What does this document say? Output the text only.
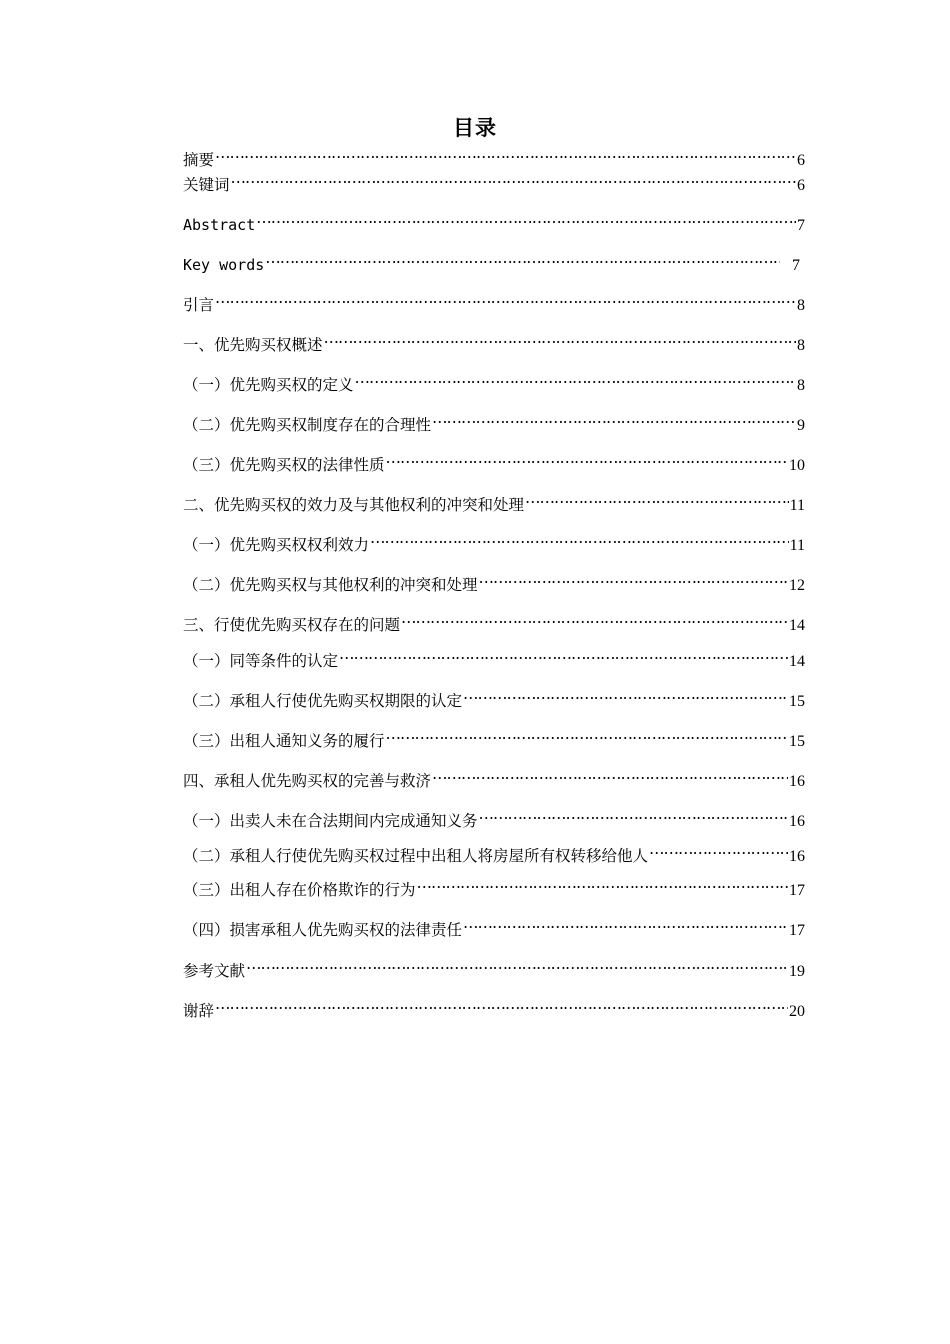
目录
摘要 …………………………………………………………………………………………………………………………………………………………………………………………………	6
关键词 …………………………………………………………………………………………………………………………………………………………………………………………………	6
Abstract …………………………………………………………………………………………………………………………………………………………………………………………………	7
Key words …………………………………………………………………………………………………………………………………………………………………………………………………	7
引言 …………………………………………………………………………………………………………………………………………………………………………………………………	8
一、优先购买权概述 …………………………………………………………………………………………………………………………………………………………………………………………………	8
（一）优先购买权的定义 …………………………………………………………………………………………………………………………………………………………………………………………………	8
（二）优先购买权制度存在的合理性 …………………………………………………………………………………………………………………………………………………………………………………………………	9
（三）优先购买权的法律性质 …………………………………………………………………………………………………………………………………………………………………………………………………	10
二、优先购买权的效力及与其他权利的冲突和处理 …………………………………………………………………………………………………………………………………………………………………………………………………	11
（一）优先购买权权利效力 …………………………………………………………………………………………………………………………………………………………………………………………………	11
（二）优先购买权与其他权利的冲突和处理 …………………………………………………………………………………………………………………………………………………………………………………………………	12
三、行使优先购买权存在的问题 …………………………………………………………………………………………………………………………………………………………………………………………………	14
（一）同等条件的认定 …………………………………………………………………………………………………………………………………………………………………………………………………	14
（二）承租人行使优先购买权期限的认定 …………………………………………………………………………………………………………………………………………………………………………………………………	15
（三）出租人通知义务的履行 …………………………………………………………………………………………………………………………………………………………………………………………………	15
四、承租人优先购买权的完善与救济 …………………………………………………………………………………………………………………………………………………………………………………………………	16
（一）出卖人未在合法期间内完成通知义务 …………………………………………………………………………………………………………………………………………………………………………………………………	16
（二）承租人行使优先购买权过程中出租人将房屋所有权转移给他人 …………………………………………………………………………………………………………………………………………………………………………………………………	16
（三）出租人存在价格欺诈的行为 …………………………………………………………………………………………………………………………………………………………………………………………………	17
（四）损害承租人优先购买权的法律责任 …………………………………………………………………………………………………………………………………………………………………………………………………	17
参考文献 …………………………………………………………………………………………………………………………………………………………………………………………………	19
谢辞 …………………………………………………………………………………………………………………………………………………………………………………………………	20
